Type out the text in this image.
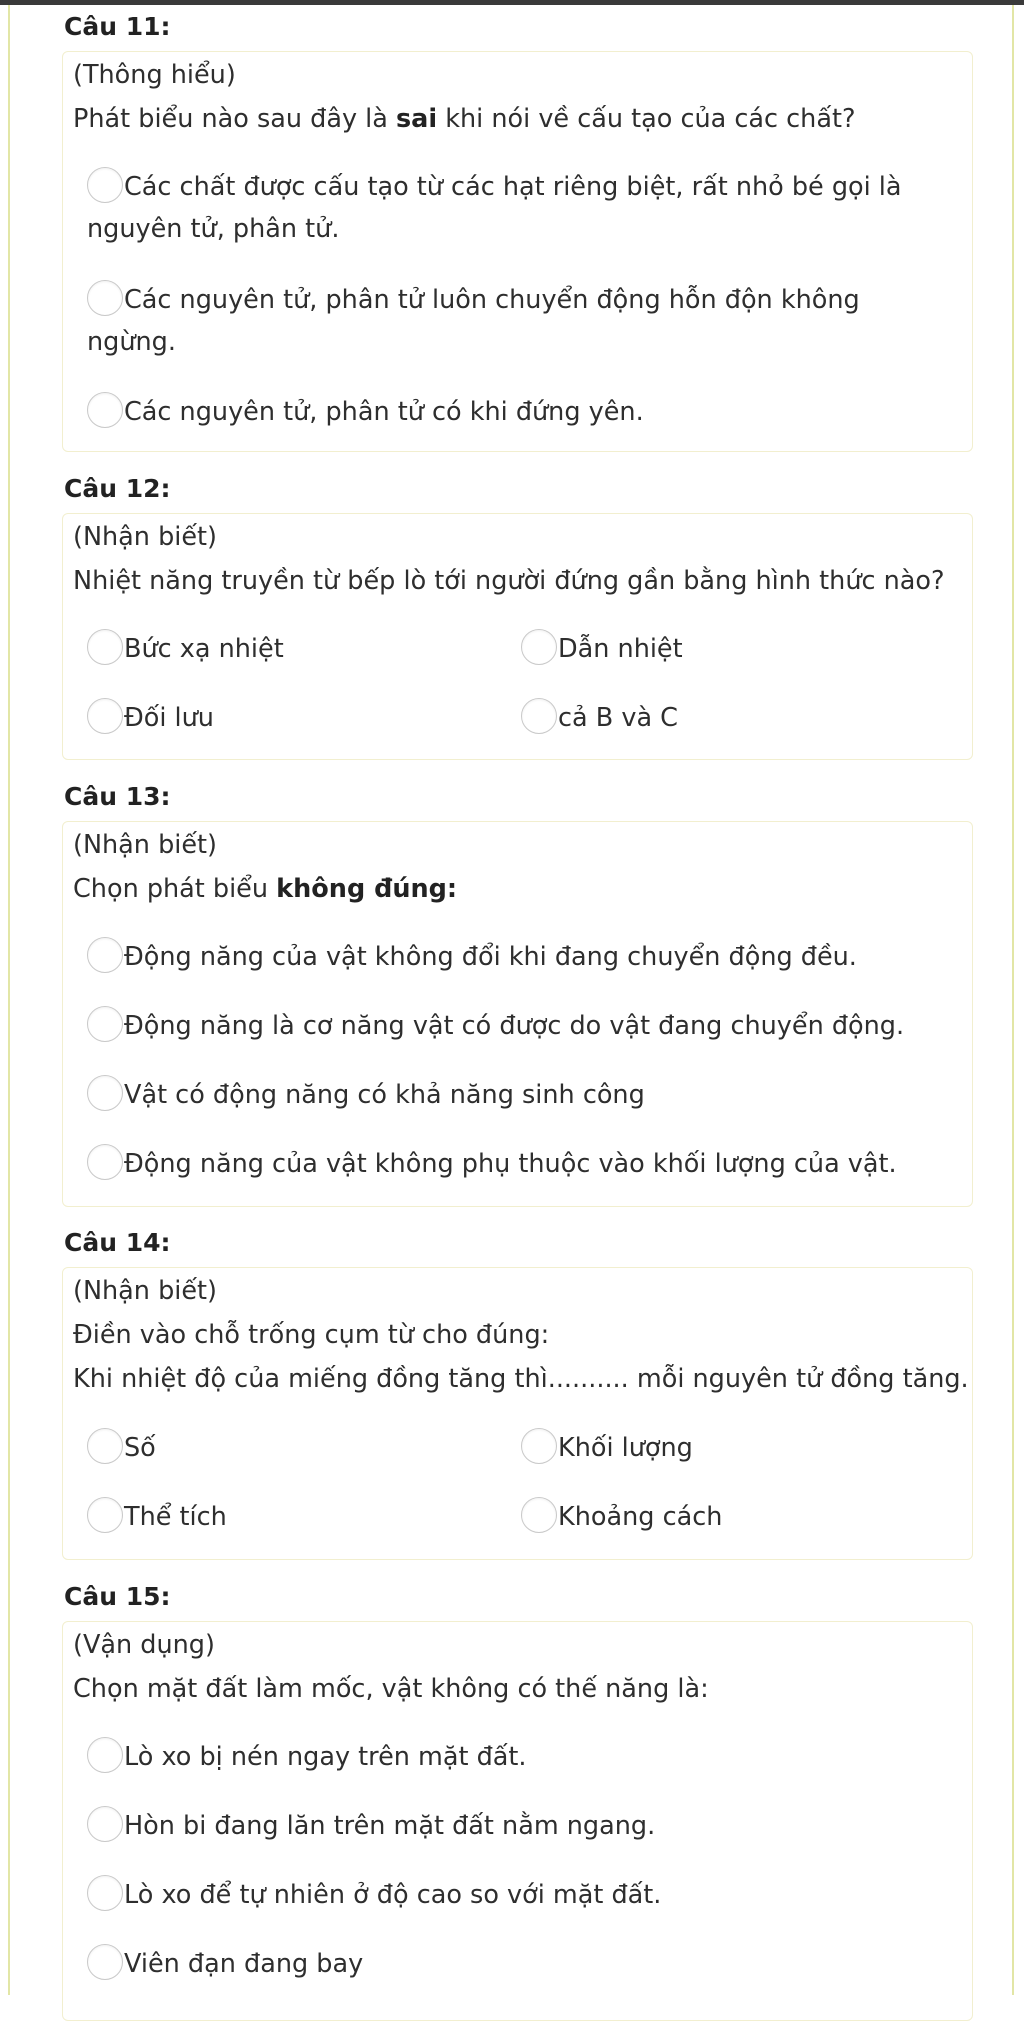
Câu 11:
(Thông hiểu)
Phát biểu nào sau đây là sai khi nói về cấu tạo của các chất?
Các chất được cấu tạo từ các hạt riêng biệt, rất nhỏ bé gọi là nguyên tử, phân tử.
Các nguyên tử, phân tử luôn chuyển động hỗn độn không ngừng.
Các nguyên tử, phân tử có khi đứng yên.
Câu 12:
(Nhận biết)
Nhiệt năng truyền từ bếp lò tới người đứng gần bằng hình thức nào?
Bức xạ nhiệt	Dẫn nhiệt
Đối lưu	cả B và C
Câu 13:
(Nhận biết)
Chọn phát biểu không đúng:
Động năng của vật không đổi khi đang chuyển động đều.
Động năng là cơ năng vật có được do vật đang chuyển động.
Vật có động năng có khả năng sinh công
Động năng của vật không phụ thuộc vào khối lượng của vật.
Câu 14:
(Nhận biết)
Điền vào chỗ trống cụm từ cho đúng:
Khi nhiệt độ của miếng đồng tăng thì.......... mỗi nguyên tử đồng tăng.
Số	Khối lượng
Thể tích	Khoảng cách
Câu 15:
(Vận dụng)
Chọn mặt đất làm mốc, vật không có thế năng là:
Lò xo bị nén ngay trên mặt đất.
Hòn bi đang lăn trên mặt đất nằm ngang.
Lò xo để tự nhiên ở độ cao so với mặt đất.
Viên đạn đang bay
